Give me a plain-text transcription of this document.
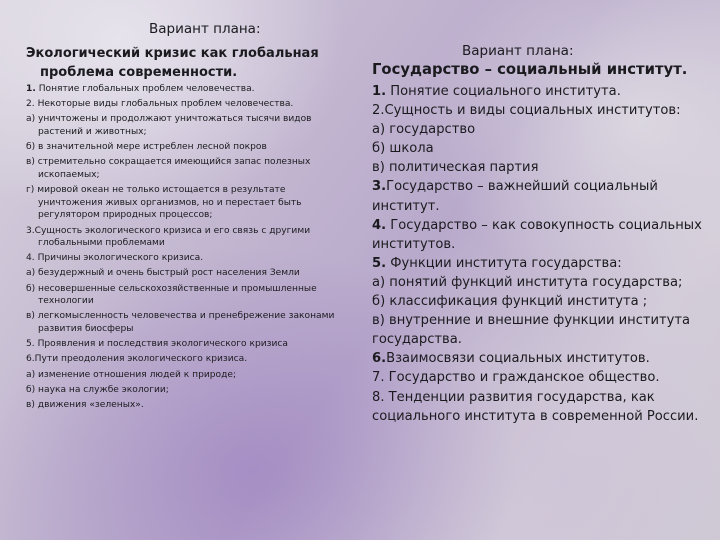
Вариант плана:
Экологический кризис как глобальная
проблема современности.
1. Понятие глобальных проблем человечества.
2. Некоторые виды глобальных проблем человечества.
а) уничтожены и продолжают уничтожаться тысячи видов растений и животных;
б) в значительной мере истреблен лесной покров
в) стремительно сокращается имеющийся запас полезных ископаемых;
г) мировой океан не только истощается в результате уничтожения живых организмов, но и перестает быть регулятором природных процессов;
3.Сущность экологического кризиса и его связь с другими глобальными проблемами
4. Причины экологического кризиса.
а) безудержный и очень быстрый рост населения Земли
б) несовершенные сельскохозяйственные и промышленные технологии
в) легкомысленность человечества и пренебрежение законами развития биосферы
5. Проявления и последствия экологического кризиса
6.Пути преодоления экологического кризиса.
а) изменение отношения людей к природе;
б) наука на службе экологии;
в) движения «зеленых».
Вариант плана:
Государство – социальный институт.
1. Понятие социального института.
2.Сущность и виды социальных институтов:
а) государство
б) школа
в) политическая партия
3.Государство – важнейший социальный институт.
4. Государство – как совокупность социальных институтов.
5. Функции института государства:
а) понятий функций института государства;
б) классификация функций института ;
в) внутренние и внешние функции института государства.
6.Взаимосвязи социальных институтов.
7. Государство и гражданское общество.
8. Тенденции развития государства, как социального института в современной России.
